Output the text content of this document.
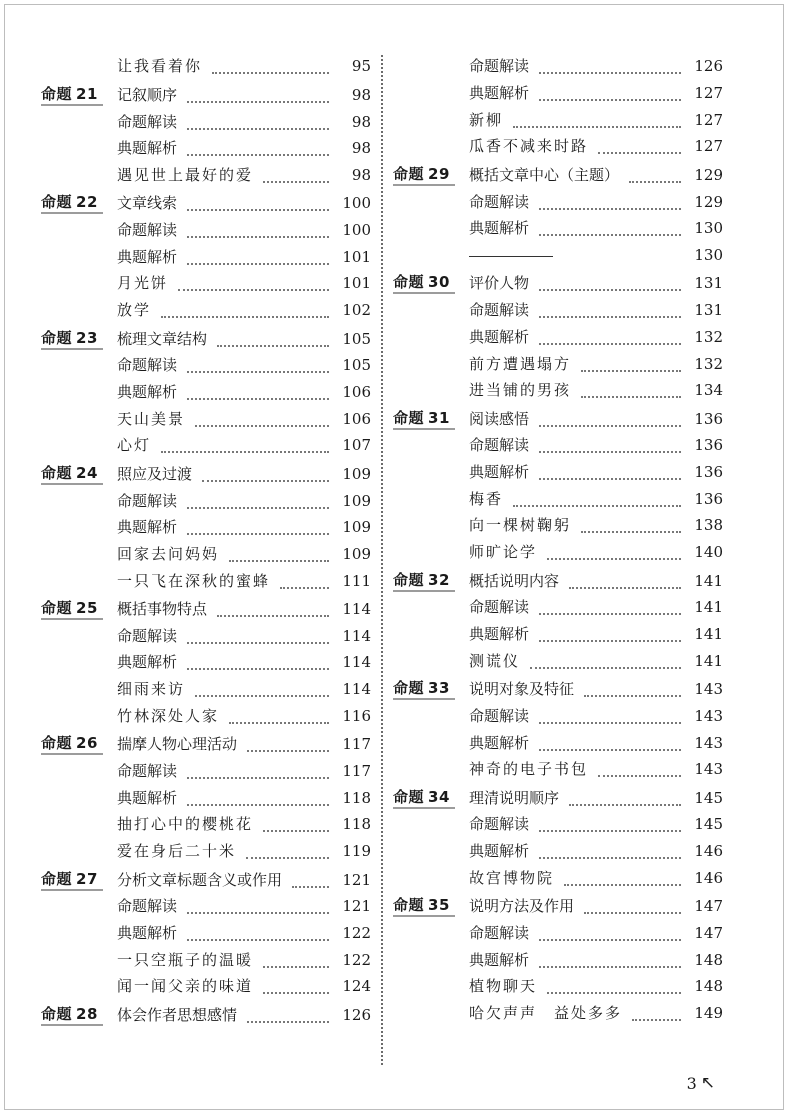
让我看着你	95
命题 21	记叙顺序	98
命题解读	98
典题解析	98
遇见世上最好的爱	98
命题 22	文章线索	100
命题解读	100
典题解析	101
月光饼	101
放学	102
命题 23	梳理文章结构	105
命题解读	105
典题解析	106
天山美景	106
心灯	107
命题 24	照应及过渡	109
命题解读	109
典题解析	109
回家去问妈妈	109
一只飞在深秋的蜜蜂	111
命题 25	概括事物特点	114
命题解读	114
典题解析	114
细雨来访	114
竹林深处人家	116
命题 26	揣摩人物心理活动	117
命题解读	117
典题解析	118
抽打心中的樱桃花	118
爱在身后二十米	119
命题 27	分析文章标题含义或作用	121
命题解读	121
典题解析	122
一只空瓶子的温暖	122
闻一闻父亲的味道	124
命题 28	体会作者思想感情	126
命题解读	126
典题解析	127
新柳	127
瓜香不减来时路	127
命题 29	概括文章中心（主题）	129
命题解读	129
典题解析	130
130
命题 30	评价人物	131
命题解读	131
典题解析	132
前方遭遇塌方	132
进当铺的男孩	134
命题 31	阅读感悟	136
命题解读	136
典题解析	136
梅香	136
向一棵树鞠躬	138
师旷论学	140
命题 32	概括说明内容	141
命题解读	141
典题解析	141
测谎仪	141
命题 33	说明对象及特征	143
命题解读	143
典题解析	143
神奇的电子书包	143
命题 34	理清说明顺序	145
命题解读	145
典题解析	146
故宫博物院	146
命题 35	说明方法及作用	147
命题解读	147
典题解析	148
植物聊天	148
哈欠声声　益处多多	149
3 ↖
